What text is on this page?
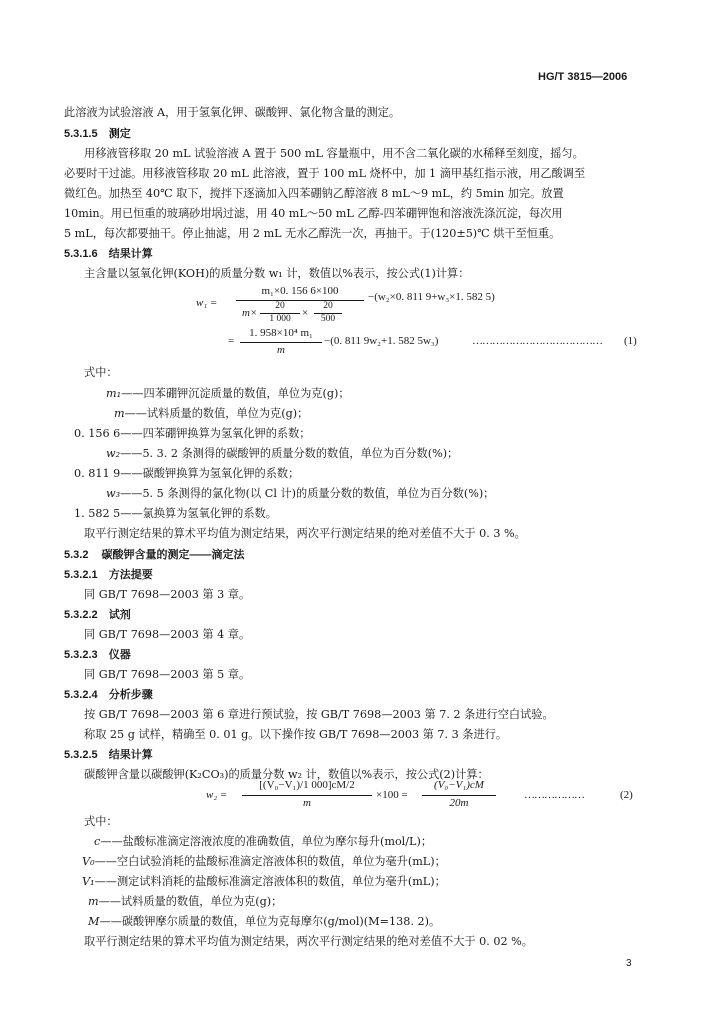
HG/T 3815—2006
此溶液为试验溶液 A，用于氢氧化钾、碳酸钾、氯化物含量的测定。
5.3.1.5 测定
用移液管移取 20 mL 试验溶液 A 置于 500 mL 容量瓶中，用不含二氧化碳的水稀释至刻度，摇匀。
必要时干过滤。用移液管移取 20 mL 此溶液，置于 100 mL 烧杯中，加 1 滴甲基红指示液，用乙酸调至
微红色。加热至 40℃ 取下，搅拌下逐滴加入四苯硼钠乙醇溶液 8 mL～9 mL，约 5min 加完。放置
10min。用已恒重的玻璃砂坩埚过滤，用 40 mL～50 mL 乙醇-四苯硼钾饱和溶液洗涤沉淀，每次用
5 mL，每次都要抽干。停止抽滤，用 2 mL 无水乙醇洗一次，再抽干。于(120±5)℃ 烘干至恒重。
5.3.1.6 结果计算
主含量以氢氧化钾(KOH)的质量分数 w₁ 计，数值以%表示，按公式(1)计算：
w₁ =
m₁×0. 156 6×100
m×
20
1 000	×
20
500
−(w₂×0. 811 9+w₃×1. 582 5)
=
1. 958×10⁴ m₁
m
−(0. 811 9w₂+1. 582 5w₃)	………………………………… (1)
式中：
m₁——四苯硼钾沉淀质量的数值，单位为克(g)；
m——试料质量的数值，单位为克(g)；
0. 156 6——四苯硼钾换算为氢氧化钾的系数；
w₂——5. 3. 2 条测得的碳酸钾的质量分数的数值，单位为百分数(%)；
0. 811 9——碳酸钾换算为氢氧化钾的系数；
w₃——5. 5 条测得的氯化物(以 Cl 计)的质量分数的数值，单位为百分数(%)；
1. 582 5——氯换算为氢氧化钾的系数。
取平行测定结果的算术平均值为测定结果，两次平行测定结果的绝对差值不大于 0. 3 %。
5.3.2 碳酸钾含量的测定——滴定法
5.3.2.1 方法提要
同 GB/T 7698—2003 第 3 章。
5.3.2.2 试剂
同 GB/T 7698—2003 第 4 章。
5.3.2.3 仪器
同 GB/T 7698—2003 第 5 章。
5.3.2.4 分析步骤
按 GB/T 7698—2003 第 6 章进行预试验，按 GB/T 7698—2003 第 7. 2 条进行空白试验。
称取 25 g 试样，精确至 0. 01 g。以下操作按 GB/T 7698—2003 第 7. 3 条进行。
5.3.2.5 结果计算
碳酸钾含量以碳酸钾(K₂CO₃)的质量分数 w₂ 计，数值以%表示，按公式(2)计算：
w₂ =
[(V₀−V₁)/1 000]cM/2
m
×100 =
(V₀−V₁)cM
20m
………………	(2)
式中：
c——盐酸标准滴定溶液浓度的准确数值，单位为摩尔每升(mol/L)；
V₀——空白试验消耗的盐酸标准滴定溶液体积的数值，单位为毫升(mL)；
V₁——测定试料消耗的盐酸标准滴定溶液体积的数值，单位为毫升(mL)；
m——试料质量的数值，单位为克(g)；
M——碳酸钾摩尔质量的数值，单位为克每摩尔(g/mol)(M=138. 2)。
取平行测定结果的算术平均值为测定结果，两次平行测定结果的绝对差值不大于 0. 02 %。
3
